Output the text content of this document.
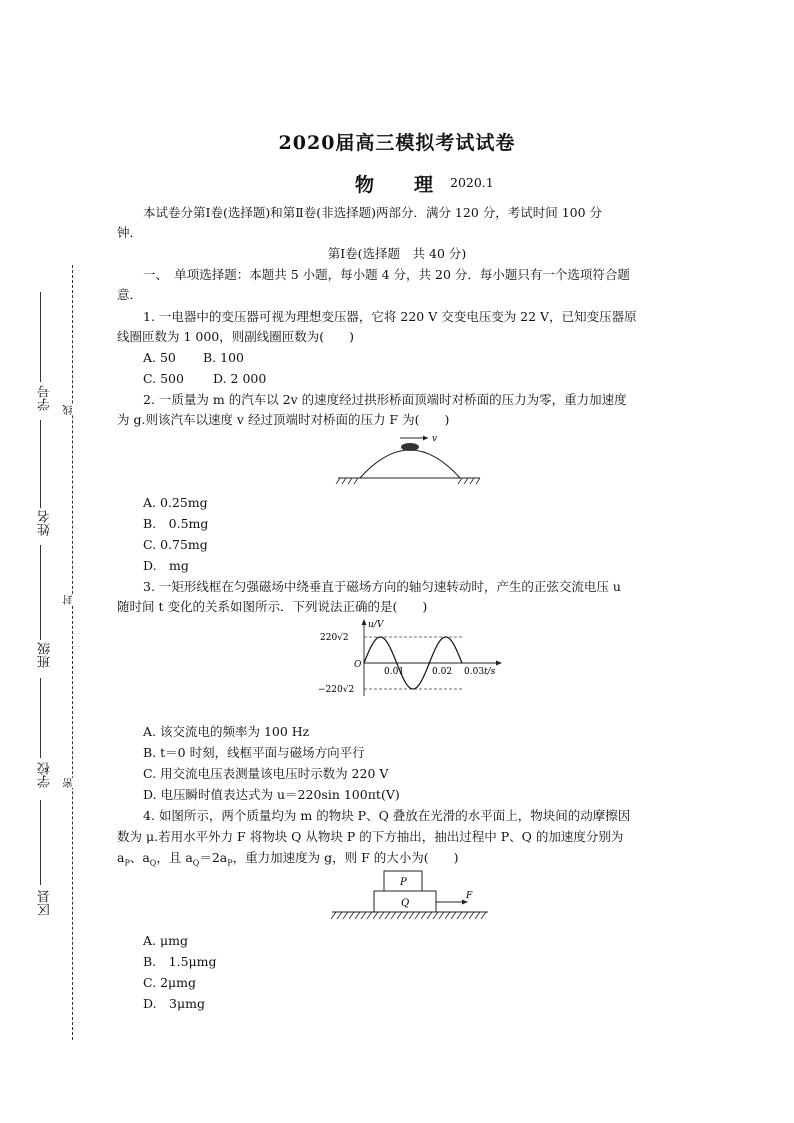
2020届高三模拟考试试卷
物 理 2020.1
本试卷分第Ⅰ卷(选择题)和第Ⅱ卷(非选择题)两部分．满分 120 分，考试时间 100 分
钟．
第Ⅰ卷(选择题　共 40 分)
一、　单项选择题：本题共 5 小题，每小题 4 分，共 20 分．每小题只有一个选项符合题
意．
学号
姓名
班级
学校
区县
线
封
密
1. 一电器中的变压器可视为理想变压器，它将 220 V 交变电压变为 22 V，已知变压器原
线圈匝数为 1 000，则副线圈匝数为(　　)
A. 50 B. 100
C. 500 D. 2 000
2. 一质量为 m 的汽车以 2v 的速度经过拱形桥面顶端时对桥面的压力为零，重力加速度
为 g.则该汽车以速度 v 经过顶端时对桥面的压力 F 为(　　)
v
A. 0.25mg
B.　0.5mg
C. 0.75mg
D.　mg
3. 一矩形线框在匀强磁场中绕垂直于磁场方向的轴匀速转动时，产生的正弦交流电压 u
随时间 t 变化的关系如图所示．下列说法正确的是(　　)
u/V
220√2
−220√2
O
0.01	0.02 0.03 t/s
A. 该交流电的频率为 100 Hz
B. t＝0 时刻，线框平面与磁场方向平行
C. 用交流电压表测量该电压时示数为 220 V
D. 电压瞬时值表达式为 u＝220sin 100πt(V)
4. 如图所示，两个质量均为 m 的物块 P、Q 叠放在光滑的水平面上，物块间的动摩擦因
数为 μ.若用水平外力 F 将物块 Q 从物块 P 的下方抽出，抽出过程中 P、Q 的加速度分别为
$a_P$、$a_Q$，且 $a_Q=2a_P$，重力加速度为 g，则 F 的大小为(　　)
P
Q
F
A. μmg
B.　1.5μmg
C. 2μmg
D.　3μmg
